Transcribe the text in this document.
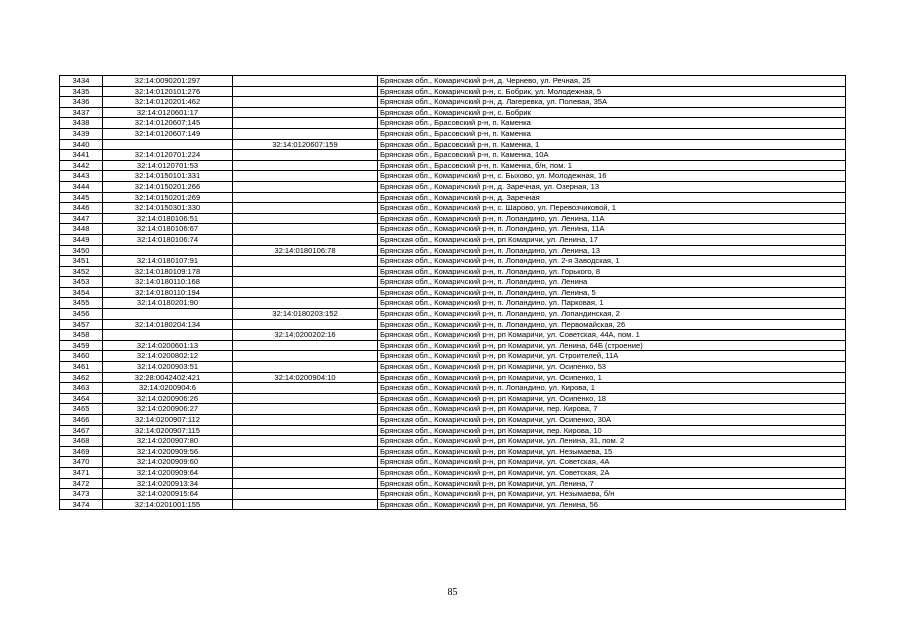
3434	32:14:0090201:297		Брянская обл., Комаричский р-н, д. Чернево, ул. Речная, 25
3435	32:14:0120101:276		Брянская обл., Комаричский р-н, с. Бобрик, ул. Молодежная, 5
3436	32:14:0120201:462		Брянская обл., Комаричский р-н, д. Лагеревка, ул. Полевая, 35А
3437	32:14:0120601:17		Брянская обл., Комаричский р-н, с. Бобрик
3438	32:14:0120607:145		Брянская обл., Брасовский р-н, п. Каменка
3439	32:14:0120607:149		Брянская обл., Брасовский р-н, п. Каменка
3440		32:14:0120607:159	Брянская обл., Брасовский р-н, п. Каменка, 1
3441	32:14:0120701:224		Брянская обл., Брасовский р-н, п. Каменка, 10А
3442	32:14:0120701:53		Брянская обл., Брасовский р-н, п. Каменка, б/н, пом. 1
3443	32:14:0150101:331		Брянская обл., Комаричский р-н, с. Быхово, ул. Молодежная, 16
3444	32:14:0150201:266		Брянская обл., Комаричский р-н, д. Заречная, ул. Озерная, 13
3445	32:14:0150201:269		Брянская обл., Комаричский р-н, д. Заречная
3446	32:14:0150301:330		Брянская обл., Комаричский р-н, с. Шарово, ул. Перевозчиковой, 1
3447	32:14:0180106:51		Брянская обл., Комаричский р-н, п. Лопандино, ул. Ленина, 11А
3448	32:14:0180106:67		Брянская обл., Комаричский р-н, п. Лопандино, ул. Ленина, 11А
3449	32:14:0180106:74		Брянская обл., Комаричский р-н, рп Комаричи, ул. Ленина, 17
3450		32:14:0180106:78	Брянская обл., Комаричский р-н, п. Лопандино, ул. Ленина, 13
3451	32:14:0180107:91		Брянская обл., Комаричский р-н, п. Лопандино, ул. 2-я Заводская, 1
3452	32:14:0180109:178		Брянская обл., Комаричский р-н, п. Лопандино, ул. Горького, 8
3453	32:14:0180110:168		Брянская обл., Комаричский р-н, п. Лопандино, ул. Ленина
3454	32:14:0180110:194		Брянская обл., Комаричский р-н, п. Лопандино, ул. Ленина, 5
3455	32:14:0180201:90		Брянская обл., Комаричский р-н, п. Лопандино, ул. Парковая, 1
3456		32:14:0180203:152	Брянская обл., Комаричский р-н, п. Лопандино, ул. Лопандинская, 2
3457	32:14:0180204:134		Брянская обл., Комаричский р-н, п. Лопандино, ул. Первомайская, 26
3458		32:14:0200202:16	Брянская обл., Комаричский р-н, рп Комаричи, ул. Советская, 44А, пом. 1
3459	32:14:0200601:13		Брянская обл., Комаричский р-н, рп Комаричи, ул. Ленина, 64Б (строение)
3460	32:14:0200802:12		Брянская обл., Комаричский р-н, рп Комаричи, ул. Строителей, 11А
3461	32:14:0200903:51		Брянская обл., Комаричский р-н, рп Комаричи, ул. Осипенко, 53
3462	32:28:0042402:421	32:14:0200904:10	Брянская обл., Комаричский р-н, рп Комаричи, ул. Осипенко, 1
3463	32:14:0200904:6		Брянская обл., Комаричский р-н, п. Лопандино, ул. Кирова, 1
3464	32:14:0200906:26		Брянская обл., Комаричский р-н, рп Комаричи, ул. Осипенко, 18
3465	32:14:0200906:27		Брянская обл., Комаричский р-н, рп Комаричи, пер. Кирова, 7
3466	32:14:0200907:112		Брянская обл., Комаричский р-н, рп Комаричи, ул. Осипенко, 30А
3467	32:14:0200907:115		Брянская обл., Комаричский р-н, рп Комаричи, пер. Кирова, 10
3468	32:14:0200907:80		Брянская обл., Комаричский р-н, рп Комаричи, ул. Ленина, 31, пом. 2
3469	32:14:0200909:56		Брянская обл., Комаричский р-н, рп Комаричи, ул. Незымаева, 15
3470	32:14:0200909:60		Брянская обл., Комаричский р-н, рп Комаричи, ул. Советская, 4А
3471	32:14:0200909:64		Брянская обл., Комаричский р-н, рп Комаричи, ул. Советская, 2А
3472	32:14:0200913:34		Брянская обл., Комаричский р-н, рп Комаричи, ул. Ленина, 7
3473	32:14:0200915:64		Брянская обл., Комаричский р-н, рп Комаричи, ул. Незымаева, б/н
3474	32:14:0201001:155		Брянская обл., Комаричский р-н, рп Комаричи, ул. Ленина, 56
85
